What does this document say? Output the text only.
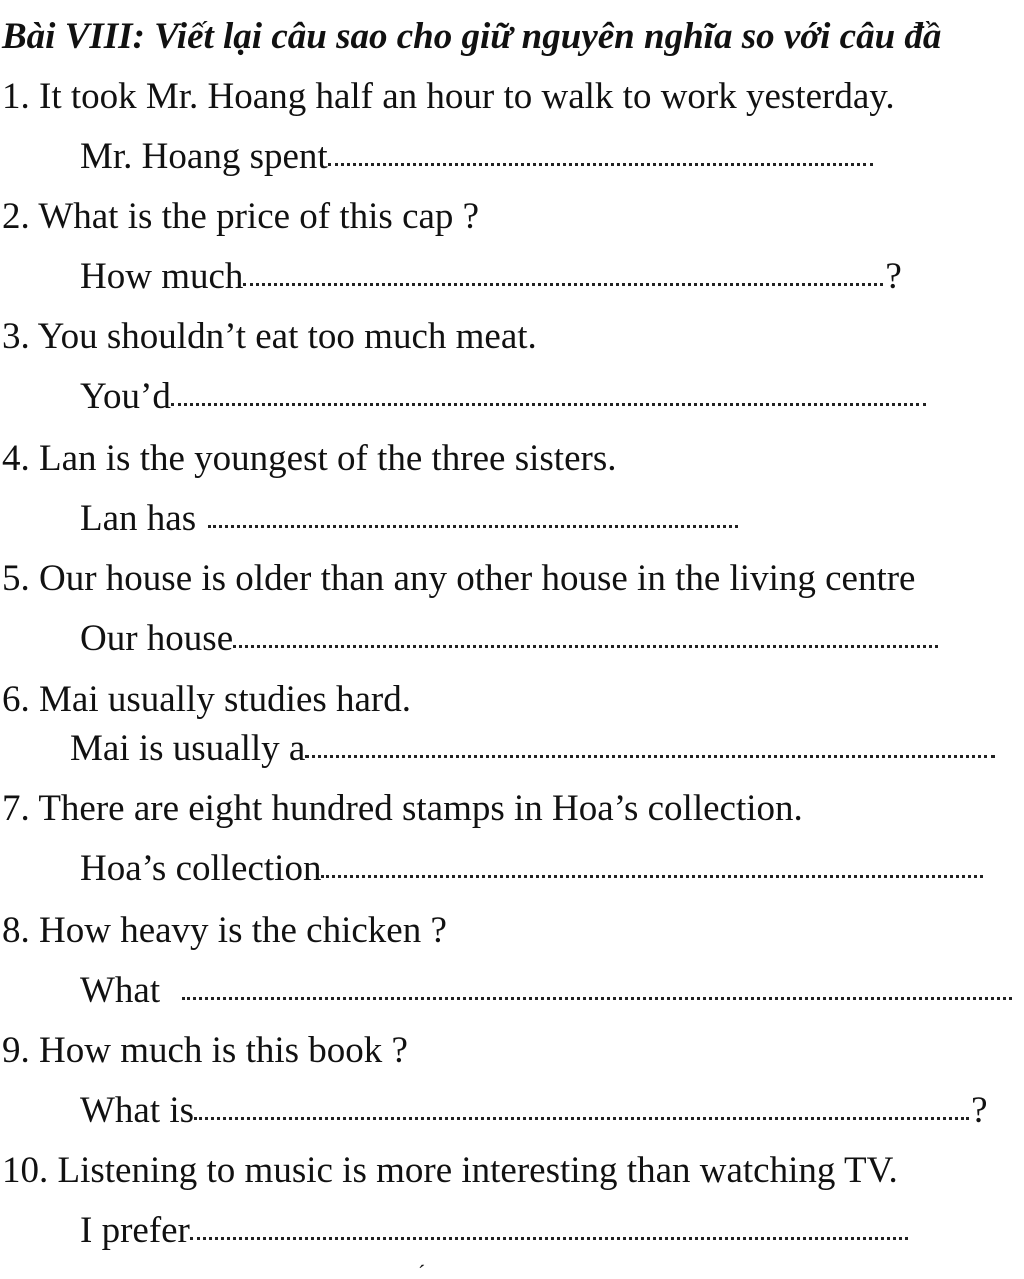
Bài VIII: Viết lại câu sao cho giữ nguyên nghĩa so với câu đầ
1. It took Mr. Hoang half an hour to walk to work yesterday.
Mr. Hoang spent
2. What is the price of this cap ?
How much	?
3. You shouldn’t eat too much meat.
You’d
4. Lan is the youngest of the three sisters.
Lan has
5. Our house is older than any other house in the living centre
Our house
6. Mai usually studies hard.
Mai is usually a
7. There are eight hundred stamps in Hoa’s collection.
Hoa’s collection
8. How heavy is the chicken ?
What
9. How much is this book ?
What is	?
10. Listening to music is more interesting than watching TV.
I prefer
´
